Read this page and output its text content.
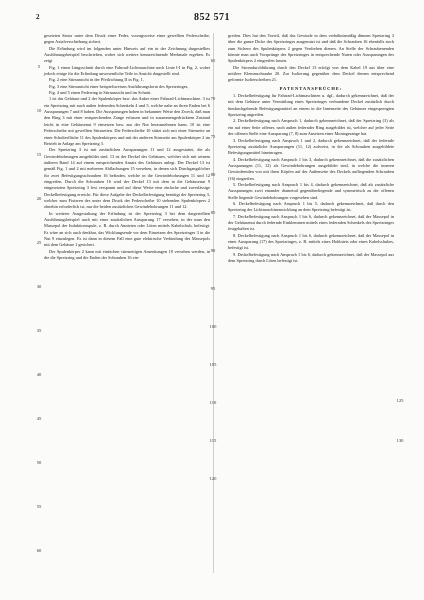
2	852 571

gesetzten Stator unter dem Druck einer Feder, vorzugsweise einer gewellten Federscheibe, gegen Axialverschiebung sichert.

Die Erfindung wird im folgenden unter Hinweis auf ein in der Zeichnung dargestelltes Ausführungsbeispiel beschrieben, wobei sich weitere kennzeichnende Merkmale ergeben. Es zeigt

Fig. 1 einen Längsschnitt durch eine Fahrrad-Lichtmaschine nach Linie I-I in Fig. 2, wobei jedoch einige für die Erfindung unwesentliche Teile in Ansicht dargestellt sind.

Fig. 2 eine Stirnansicht in der Pfeilrichtung II in Fig. 1,

Fig. 3 eine Stirnansicht einer beispielsweisen Ausführungsform des Spreizringes,

Fig. 4 und 5 einen Federring in Stirnansicht und im Schnitt.

1 ist das Gehäuse und 2 der Spulenkörper bzw. das Anker einer Fahrrad-Lichtmaschine. 3 ist ein Spreizring mit nach außen federnden Schenkeln 4 und 5, welche nahe an ihren Enden bei 6 Aussparungen 7 und 8 haben. Die Aussparungen haben in bekannter Weise den Zweck, daß man den Ring 3 mit einer entsprechenden Zange erfassen und in zusammengedrücktem Zustand leicht in eine Gehäusenut 9 einsetzen bzw. aus der Nut herausnehmen kann. 10 ist eine Federscheibe mit gewellten Stirnseiten. Die Federscheibe 10 stützt sich mit einer Stirnseite an einer Schulterfläche 11 des Spulenkörpers und mit der anderen Stirnseite am Spulenkörper 2 im Betrieb in Anlage am Spreizring 3.

Der Spreizring 3 ist mit zusätzlichen Aussparungen 11 und 12 ausgestattet, die als Gewindebohrungen ausgebildet sind. 13 ist der Deckel des Gehäuses, welcher sich mit seinem äußeren Rand 14 auf einem entsprechenden Ansatz des Gehäuses anlegt. Der Deckel 13 ist gemäß Fig. 1 und 2 mit mehreren Abflachungen 15 versehen, in denen sich Durchgangslöcher für zwei Befestigungsschrauben 16 befinden, welche in die Gewindebohrungen 11 und 12 eingreifen. Durch die Schrauben 16 wird der Deckel 13 mit dem in die Gehäusenut 9 eingesetzten Spreizring 3 fest verspannt und auf diese Weise eine einfache und zuverlässige Deckelbefestigung erreicht. Für diese Aufgabe der Deckelbefestigung benötigt der Spreizring 3, welcher zum Fixieren des unter dem Druck der Federscheibe 10 stehenden Spulenkörpers 2 ohnehin erforderlich ist, nur die beiden zusätzlichen Gewindebohrungen 11 und 12.

In weiterer Ausgestaltung der Erfindung ist der Spreizring 3 bei dem dargestellten Ausführungsbeispiel auch mit einer zusätzlichen Aussparung 17 versehen, in der man den Massepol der Induktionsspule, z. B. durch Annieten oder Löten mittels Kabelschuh, befestigt. Es wäre an sich auch denkbar, das Wicklungsende vor dem Einsetzen des Spreizringes 3 in die Nut 9 einzulegen. Es ist dann in diesem Fall eine gute elektrische Verbindung des Massepols mit dem Gehäuse 1 gesichert.

Der Spulenkörper 2 kann mit einfachen stirnseitigen Ansenkungen 18 versehen werden, in die die Spreizring und die Enden der Schrauben 16 ein-

greifen. Dies hat den Vorteil, daß das Gewinde in dem verhältnismäßig dünnen Spreizring 3 über die ganze Dicke des Spreizringes ausgenutzt ist und daß die Schrauben 16 ebenfalls noch zum Sichern des Spulenkörpers 2 gegen Verdrehen dienen. An Stelle der Schraubenenden könnte man auch Vorsprünge des Spreizringes in entsprechende Nuten oder Aussparungen des Spulenkörpers 2 eingreifen lassen.

Die Stromdurchführung durch den Deckel 13 erfolgt von dem Kabel 19 aus über eine mittlere Klemmschraube 20. Zur Isolierung gegenüber dem Deckel dienen entsprechend geformte Isolierscheiben 21.

PATENTANSPRÜCHE:

1. Deckelbefestigung für Fahrrad-Lichtmaschinen u. dgl., dadurch gekennzeichnet, daß der mit dem Gehäuse unter Vermittlung eines Spreizringes verbundene Deckel zusätzlich durch hindurchgehende Befestigungsmittel an einem in die Innenseite des Gehäuses eingesprengten Spreizring angreifen.

2. Deckelbefestigung nach Anspruch 1, dadurch gekennzeichnet, daß der Spreizring (3) als ein auf einer Seite offener, nach außen federnder Ring ausgebildet ist, welcher auf jeder Seite der offenen Stelle eine Aussparung (7, 8) zum Ansetzen einer Montagezange hat.

3. Deckelbefestigung nach Anspruch 1 und 2, dadurch gekennzeichnet, daß der federnde Spreizring zusätzliche Aussparungen (11, 12) aufweist, in die als Schrauben ausgebildete Befestigungsmittel hineinragen.

4. Deckelbefestigung nach Anspruch 1 bis 3, dadurch gekennzeichnet, daß die zusätzlichen Aussparungen (11, 12) als Gewindebohrungen ausgebildet sind, in welche die inneren Gewindeenden von mit ihren Köpfen auf der Außenseite des Deckels aufliegenden Schrauben (16) eingreifen.

5. Deckelbefestigung nach Anspruch 1 bis 4, dadurch gekennzeichnet, daß als zusätzliche Aussparungen zwei einander diametral gegenüberliegende und symmetrisch zu der offenen Stelle liegende Gewindebohrungen vorgesehen sind.

6. Deckelbefestigung nach Anspruch 1 bis 5, dadurch gekennzeichnet, daß durch den Spreizring der Lichtmaschinenwicklung an dem Spreizring befestigt ist.

7. Deckelbefestigung nach Anspruch 1 bis 6, dadurch gekennzeichnet, daß der Massepol in der Gehäusenut durch federnde Einklemmen mittels eines federnden Schenkels des Spreizringes festgehalten ist.

8. Deckelbefestigung nach Anspruch 1 bis 6, dadurch gekennzeichnet, daß der Massepol in einer Aussparung (17) des Spreizringes, z. B. mittels eines Hohlniets oder eines Kabelschuhes, befestigt ist.

9. Deckelbefestigung nach Anspruch 1 bis 6, dadurch gekennzeichnet, daß der Massepol aus dem Spreizring durch Löten befestigt ist.

5
10
15
20
25
30
35
40
45
50
55
60
65
70
75
80
85
90
95
100
105
110
115
120
125
130
